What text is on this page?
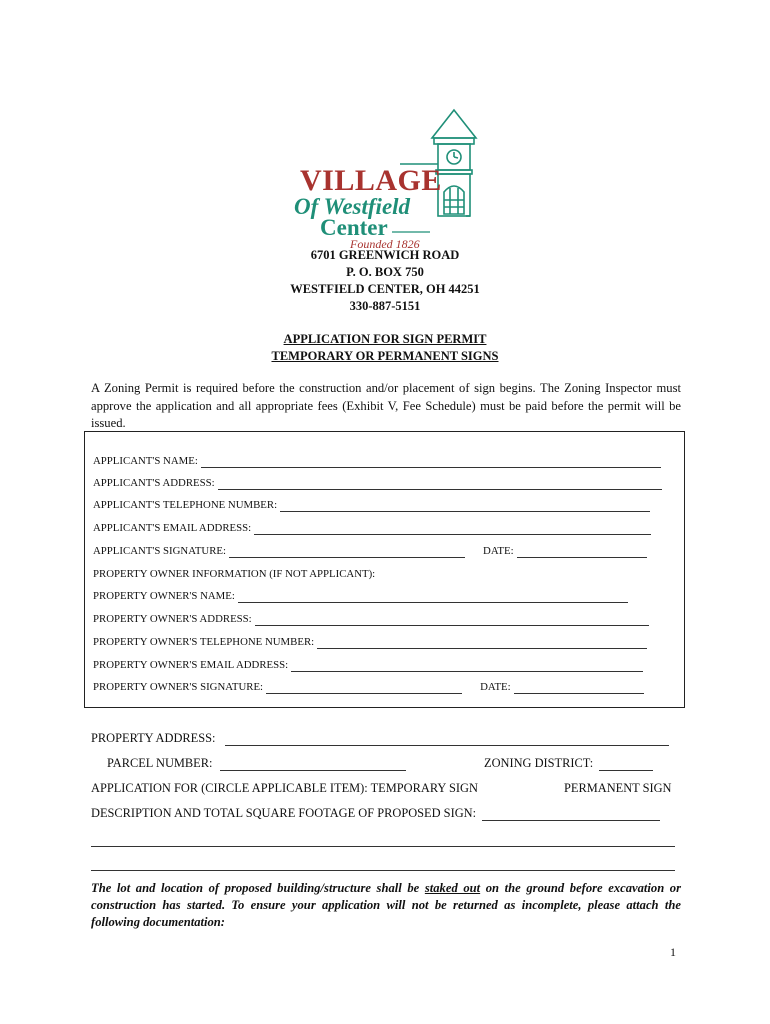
VILLAGE
Of Westfield
Center
Founded 1826
6701 GREENWICH ROAD
P. O. BOX 750
WESTFIELD CENTER, OH 44251
330-887-5151
APPLICATION FOR SIGN PERMIT
TEMPORARY OR PERMANENT SIGNS
A Zoning Permit is required before the construction and/or placement of sign begins. The Zoning Inspector must approve the application and all appropriate fees (Exhibit V, Fee Schedule) must be paid before the permit will be issued.
APPLICANT'S NAME:
APPLICANT'S ADDRESS:
APPLICANT'S TELEPHONE NUMBER:
APPLICANT'S EMAIL ADDRESS:
APPLICANT'S SIGNATURE:	DATE:
PROPERTY OWNER INFORMATION (IF NOT APPLICANT):
PROPERTY OWNER'S NAME:
PROPERTY OWNER'S ADDRESS:
PROPERTY OWNER'S TELEPHONE NUMBER:
PROPERTY OWNER'S EMAIL ADDRESS:
PROPERTY OWNER'S SIGNATURE:	DATE:
PROPERTY ADDRESS:
PARCEL NUMBER:	ZONING DISTRICT:
APPLICATION FOR (CIRCLE APPLICABLE ITEM): TEMPORARY SIGN	PERMANENT SIGN
DESCRIPTION AND TOTAL SQUARE FOOTAGE OF PROPOSED SIGN:
The lot and location of proposed building/structure shall be staked out on the ground before excavation or construction has started. To ensure your application will not be returned as incomplete, please attach the following documentation:
1
